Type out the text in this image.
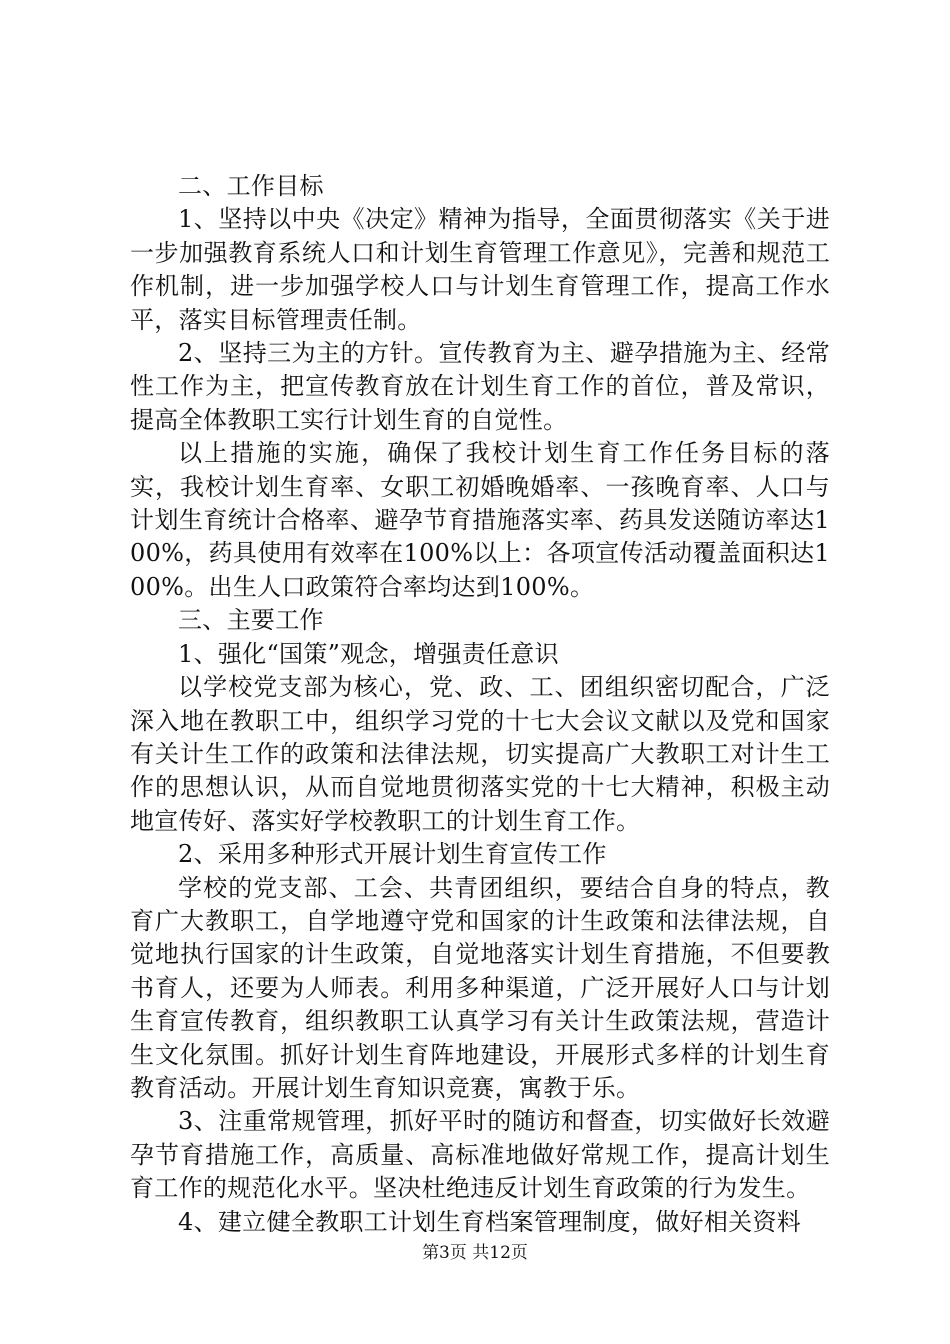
二、工作目标

1、坚持以中央《决定》精神为指导，全面贯彻落实《关于进一步加强教育系统人口和计划生育管理工作意见》，完善和规范工作机制，进一步加强学校人口与计划生育管理工作，提高工作水平，落实目标管理责任制。

2、坚持三为主的方针。宣传教育为主、避孕措施为主、经常性工作为主，把宣传教育放在计划生育工作的首位，普及常识，提高全体教职工实行计划生育的自觉性。

以上措施的实施，确保了我校计划生育工作任务目标的落实，我校计划生育率、女职工初婚晚婚率、一孩晚育率、人口与计划生育统计合格率、避孕节育措施落实率、药具发送随访率达100%，药具使用有效率在100%以上：各项宣传活动覆盖面积达100%。出生人口政策符合率均达到100%。

三、主要工作

1、强化“国策”观念，增强责任意识

以学校党支部为核心，党、政、工、团组织密切配合，广泛深入地在教职工中，组织学习党的十七大会议文献以及党和国家有关计生工作的政策和法律法规，切实提高广大教职工对计生工作的思想认识，从而自觉地贯彻落实党的十七大精神，积极主动地宣传好、落实好学校教职工的计划生育工作。

2、采用多种形式开展计划生育宣传工作

学校的党支部、工会、共青团组织，要结合自身的特点，教育广大教职工，自学地遵守党和国家的计生政策和法律法规，自觉地执行国家的计生政策，自觉地落实计划生育措施，不但要教书育人，还要为人师表。利用多种渠道，广泛开展好人口与计划生育宣传教育，组织教职工认真学习有关计生政策法规，营造计生文化氛围。抓好计划生育阵地建设，开展形式多样的计划生育教育活动。开展计划生育知识竞赛，寓教于乐。

3、注重常规管理，抓好平时的随访和督查，切实做好长效避孕节育措施工作，高质量、高标准地做好常规工作，提高计划生育工作的规范化水平。坚决杜绝违反计划生育政策的行为发生。

4、建立健全教职工计划生育档案管理制度，做好相关资料

第3页 共12页
